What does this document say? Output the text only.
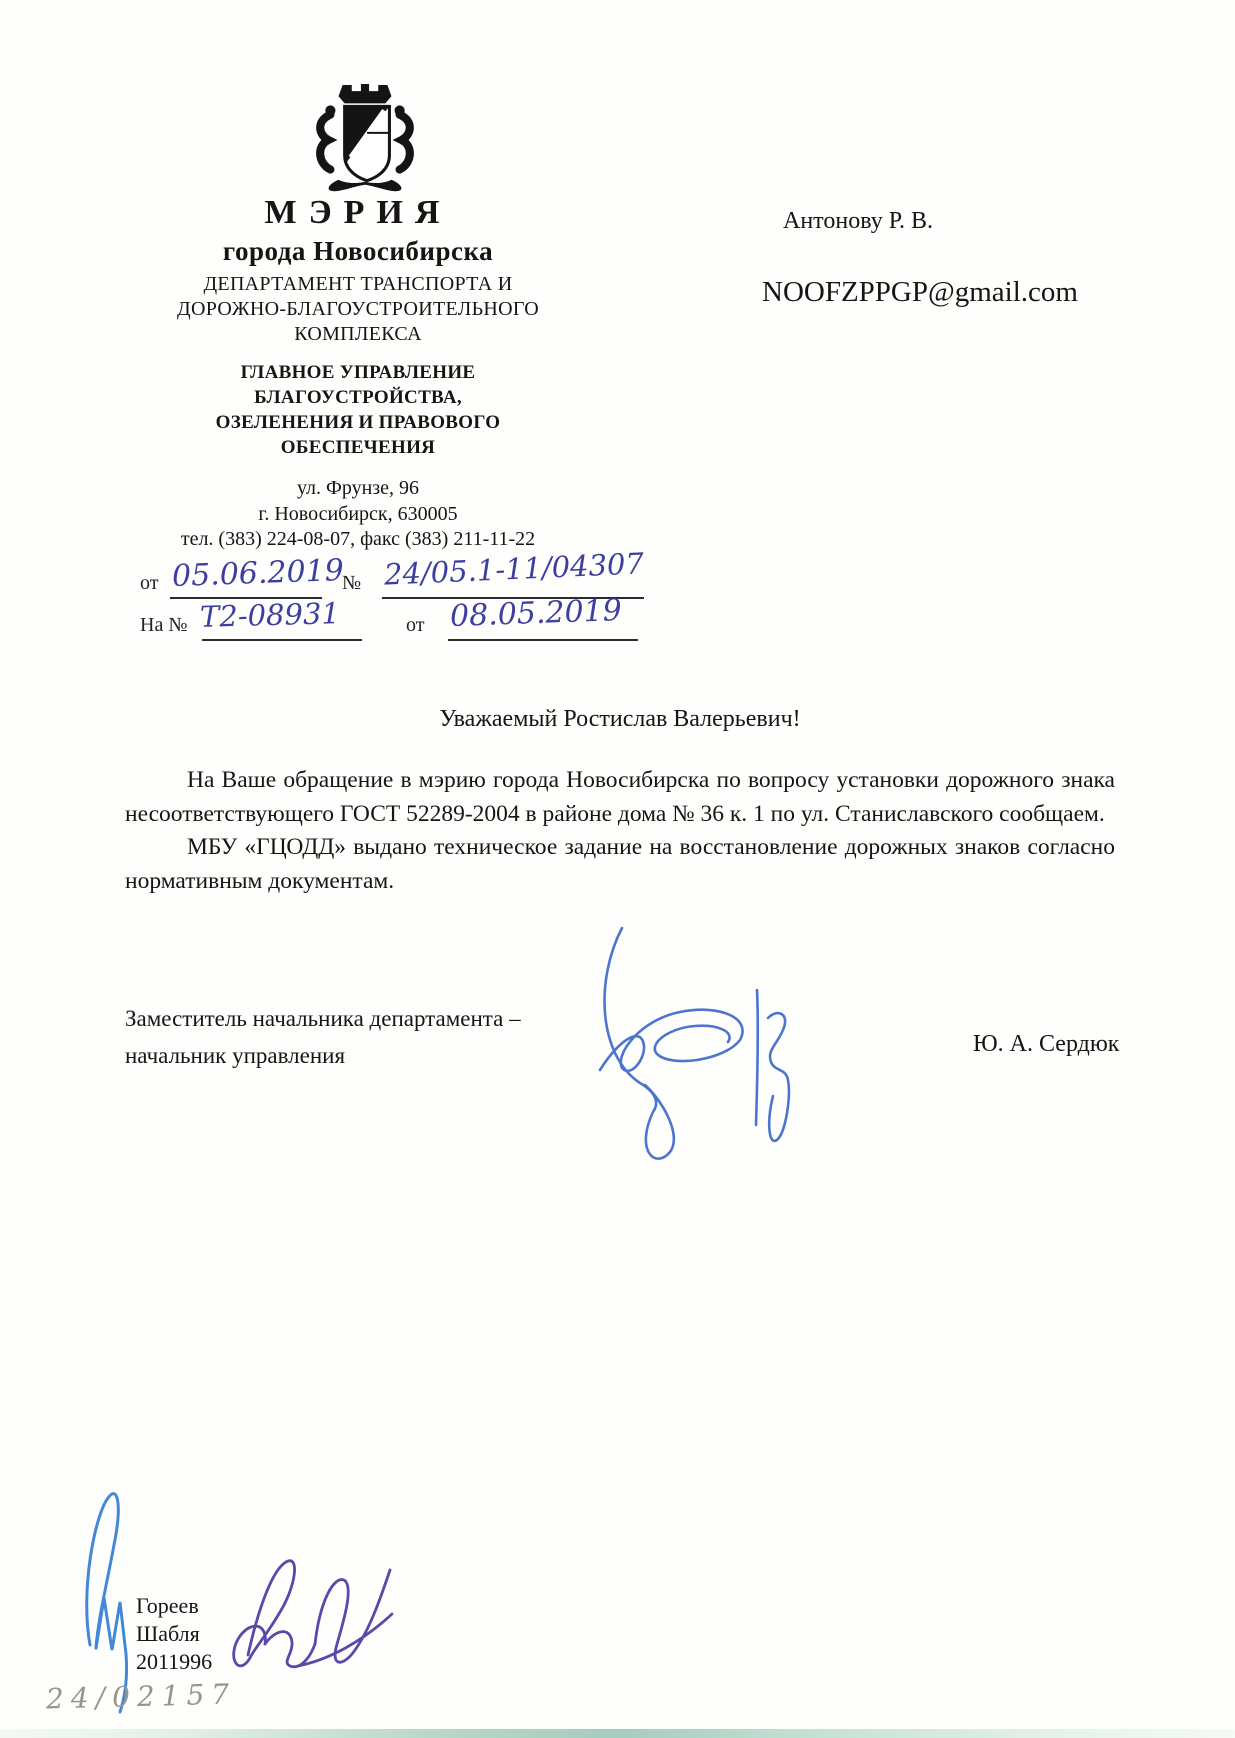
МЭРИЯ
города Новосибирска
ДЕПАРТАМЕНТ ТРАНСПОРТА И
ДОРОЖНО-БЛАГОУСТРОИТЕЛЬНОГО
КОМПЛЕКСА
ГЛАВНОЕ УПРАВЛЕНИЕ
БЛАГОУСТРОЙСТВА,
ОЗЕЛЕНЕНИЯ И ПРАВОВОГО
ОБЕСПЕЧЕНИЯ
ул. Фрунзе, 96
г. Новосибирск, 630005
тел. (383) 224-08-07, факс (383) 211-11-22
от 05.06.2019
№ 24/05.1-11/04307
На № Т2-08931	от 08.05.2019
Антонову Р. В.
NOOFZPPGP@gmail.com
Уважаемый Ростислав Валерьевич!

На Ваше обращение в мэрию города Новосибирска по вопросу установки дорожного знака несоответствующего ГОСТ 52289-2004 в районе дома № 36 к. 1 по ул. Станиславского сообщаем.

МБУ «ГЦОДД» выдано техническое задание на восстановление дорожных знаков согласно нормативным документам.

Заместитель начальника департамента –
начальник управления	Ю. А. Сердюк
Гореев
Шабля
2011996
24/02157
